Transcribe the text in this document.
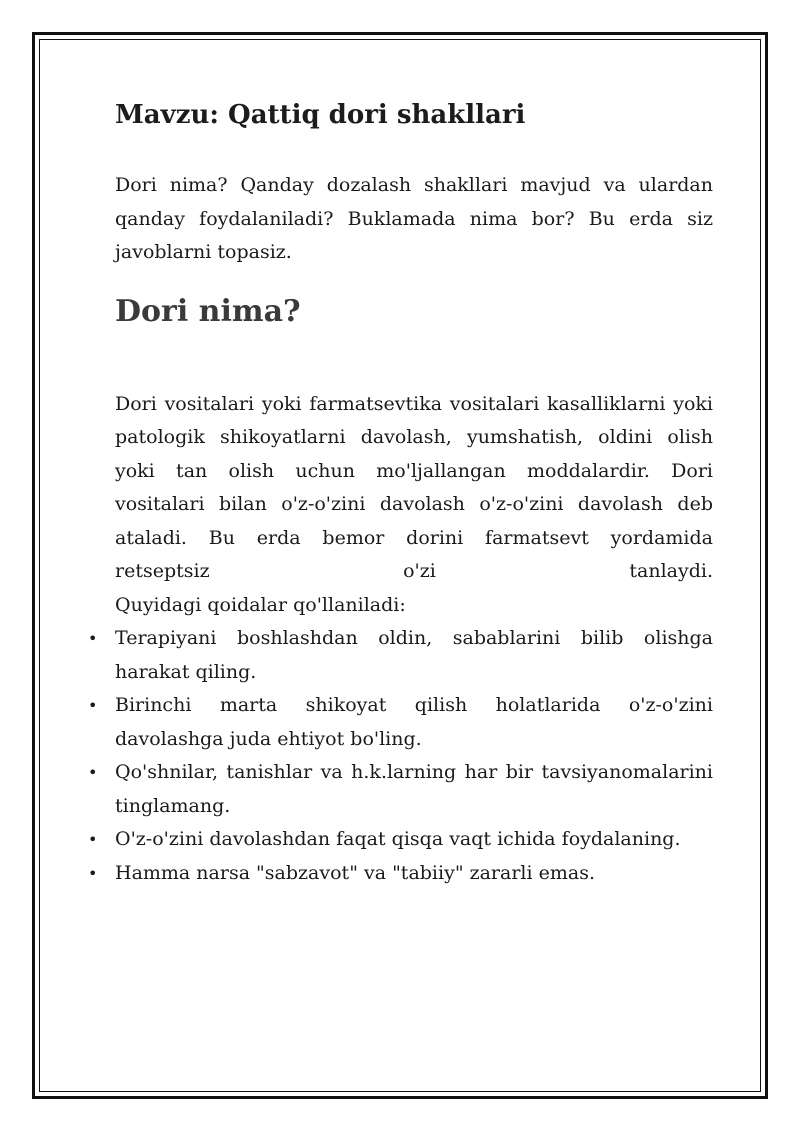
Mavzu: Qattiq dori shakllari

Dori nima? Qanday dozalash shakllari mavjud va ulardan qanday foydalaniladi? Buklamada nima bor? Bu erda siz javoblarni topasiz.

Dori nima?
Dori vositalari yoki farmatsevtika vositalari kasalliklarni yoki patologik shikoyatlarni davolash, yumshatish, oldini olish yoki tan olish uchun mo'ljallangan moddalardir. Dori vositalari bilan o'z-o'zini davolash o'z-o'zini davolash deb ataladi. Bu erda bemor dorini farmatsevt yordamida
retseptsiz o'zi tanlaydi.
Quyidagi qoidalar qo'llaniladi:
• Terapiyani boshlashdan oldin, sabablarini bilib olishga harakat qiling.
• Birinchi marta shikoyat qilish holatlarida o'z-o'zini davolashga juda ehtiyot bo'ling.
• Qo'shnilar, tanishlar va h.k.larning har bir tavsiyanomalarini tinglamang.
• O'z-o'zini davolashdan faqat qisqa vaqt ichida foydalaning.
• Hamma narsa "sabzavot" va "tabiiy" zararli emas.
